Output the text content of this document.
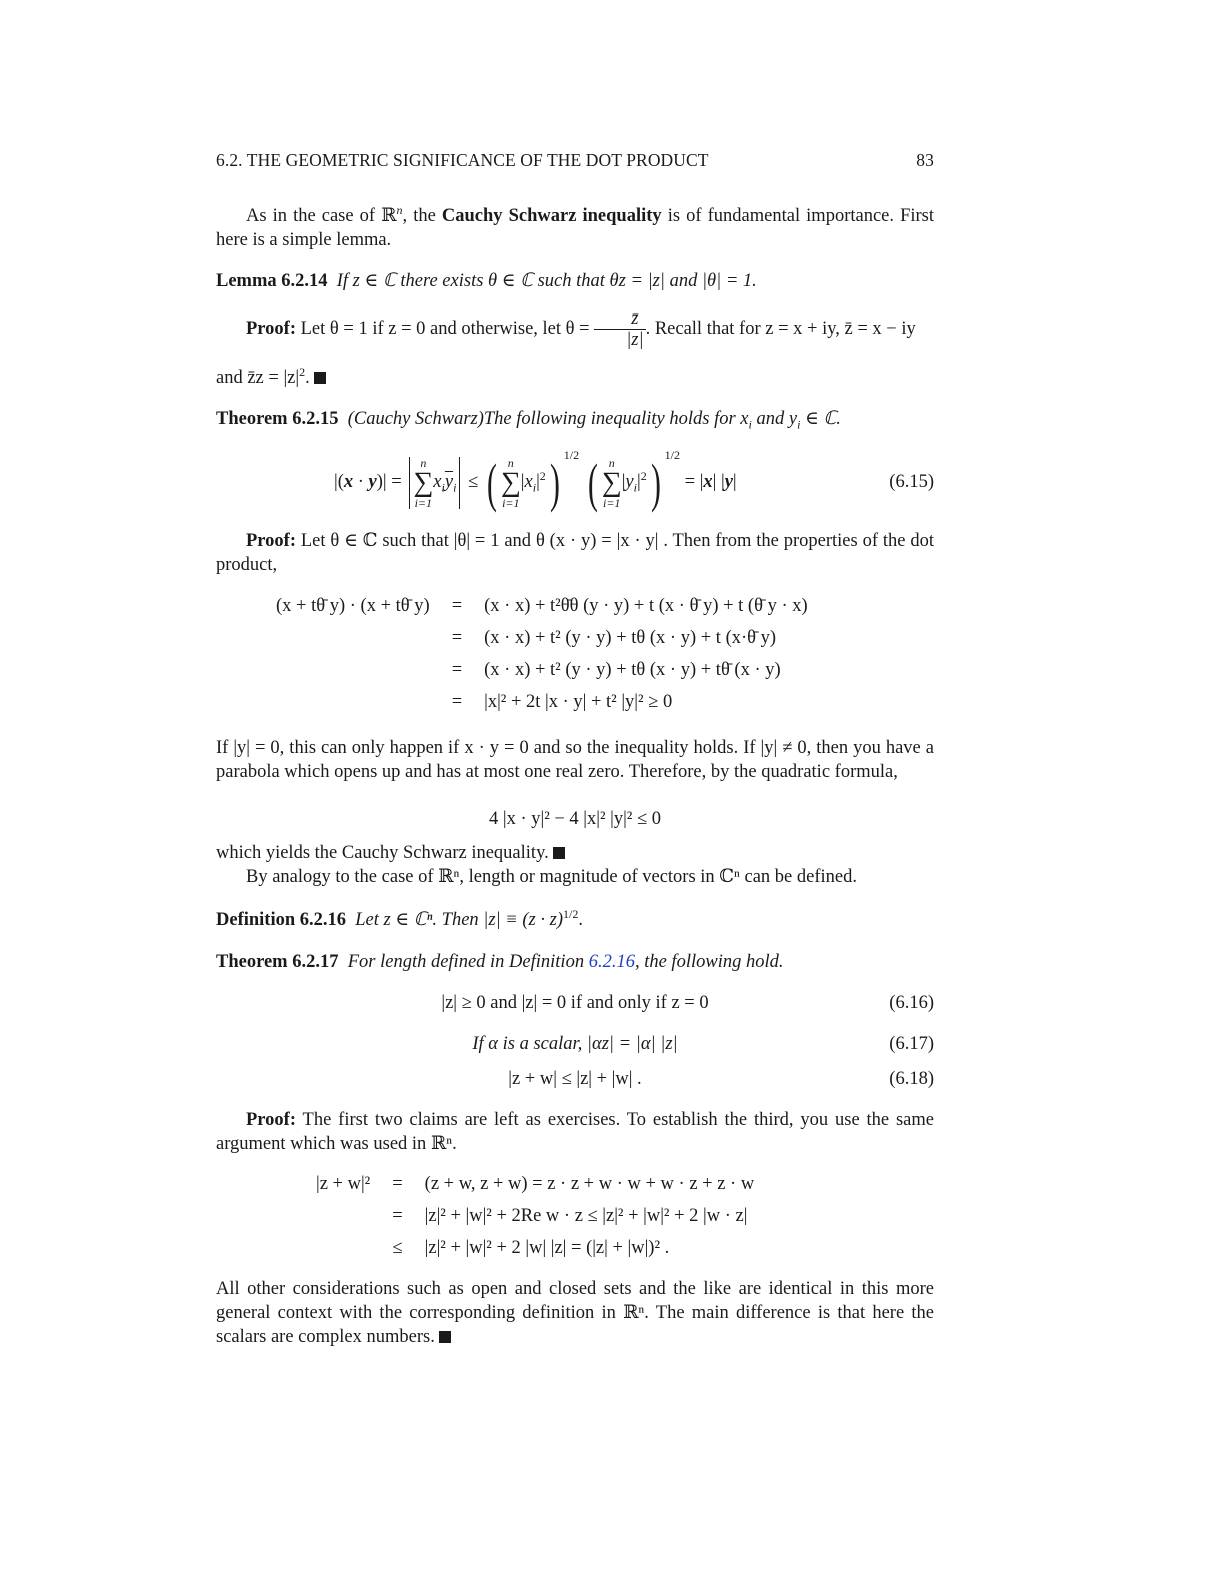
6.2. THE GEOMETRIC SIGNIFICANCE OF THE DOT PRODUCT	83

As in the case of ℝ$^n$, the Cauchy Schwarz inequality is of fundamental importance. First here is a simple lemma.

Lemma 6.2.14 If z ∈ ℂ there exists θ ∈ ℂ such that θz = |z| and |θ| = 1.

Proof: Let θ = 1 if z = 0 and otherwise, let $\theta = \frac{z̄}{|z|}$ . Recall that for z = x + iy, z̄ = x − iy

and z̄z = $|z|^2$.

Theorem 6.2.15 (Cauchy Schwarz)The following inequality holds for $x_i$ and $y_i$ ∈ ℂ.

|(x · y)| =
n
∑
i=1
$x_i\overline{y}_i$ ≤ ( n
∑
i=1
$|x_i|^2$) $^{1/2}$ ( n
∑
i=1
$|y_i|^2$) $^{1/2}$ = |x| |y|	(6.15)

Proof: Let θ ∈ ℂ such that |θ| = 1 and θ (x · y) = |x · y| . Then from the properties of the dot product,

(x + tθ̄ y) · (x + tθ̄ y)	=	(x · x) + t²θ̄θ (y · y) + t (x · θ̄ y) + t (θ̄ y · x)
	=	(x · x) + t² (y · y) + tθ (x · y) + t (x·θ̄ y)
	=	(x · x) + t² (y · y) + tθ (x · y) + tθ̄ (x · y)
	=	|x|² + 2t |x · y| + t² |y|² ≥ 0

If |y| = 0, this can only happen if x · y = 0 and so the inequality holds. If |y| ≠ 0, then you have a parabola which opens up and has at most one real zero. Therefore, by the quadratic formula,

4 |x · y|² − 4 |x|² |y|² ≤ 0

which yields the Cauchy Schwarz inequality.

By analogy to the case of ℝⁿ, length or magnitude of vectors in ℂⁿ can be defined.

Definition 6.2.16 Let z ∈ ℂⁿ. Then $|z| \equiv (z \cdot z)^{1/2}$.

Theorem 6.2.17 For length defined in Definition 6.2.16, the following hold.

|z| ≥ 0 and |z| = 0 if and only if z = 0	(6.16)
If α is a scalar, |αz| = |α| |z|	(6.17)
|z + w| ≤ |z| + |w| .	(6.18)

Proof: The first two claims are left as exercises. To establish the third, you use the same argument which was used in ℝⁿ.

|z + w|²	=	(z + w, z + w) = z · z + w · w + w · z + z · w
	=	|z|² + |w|² + 2Re w · z ≤ |z|² + |w|² + 2 |w · z|
	≤	|z|² + |w|² + 2 |w| |z| = (|z| + |w|)² .

All other considerations such as open and closed sets and the like are identical in this more general context with the corresponding definition in ℝⁿ. The main difference is that here the scalars are complex numbers.
